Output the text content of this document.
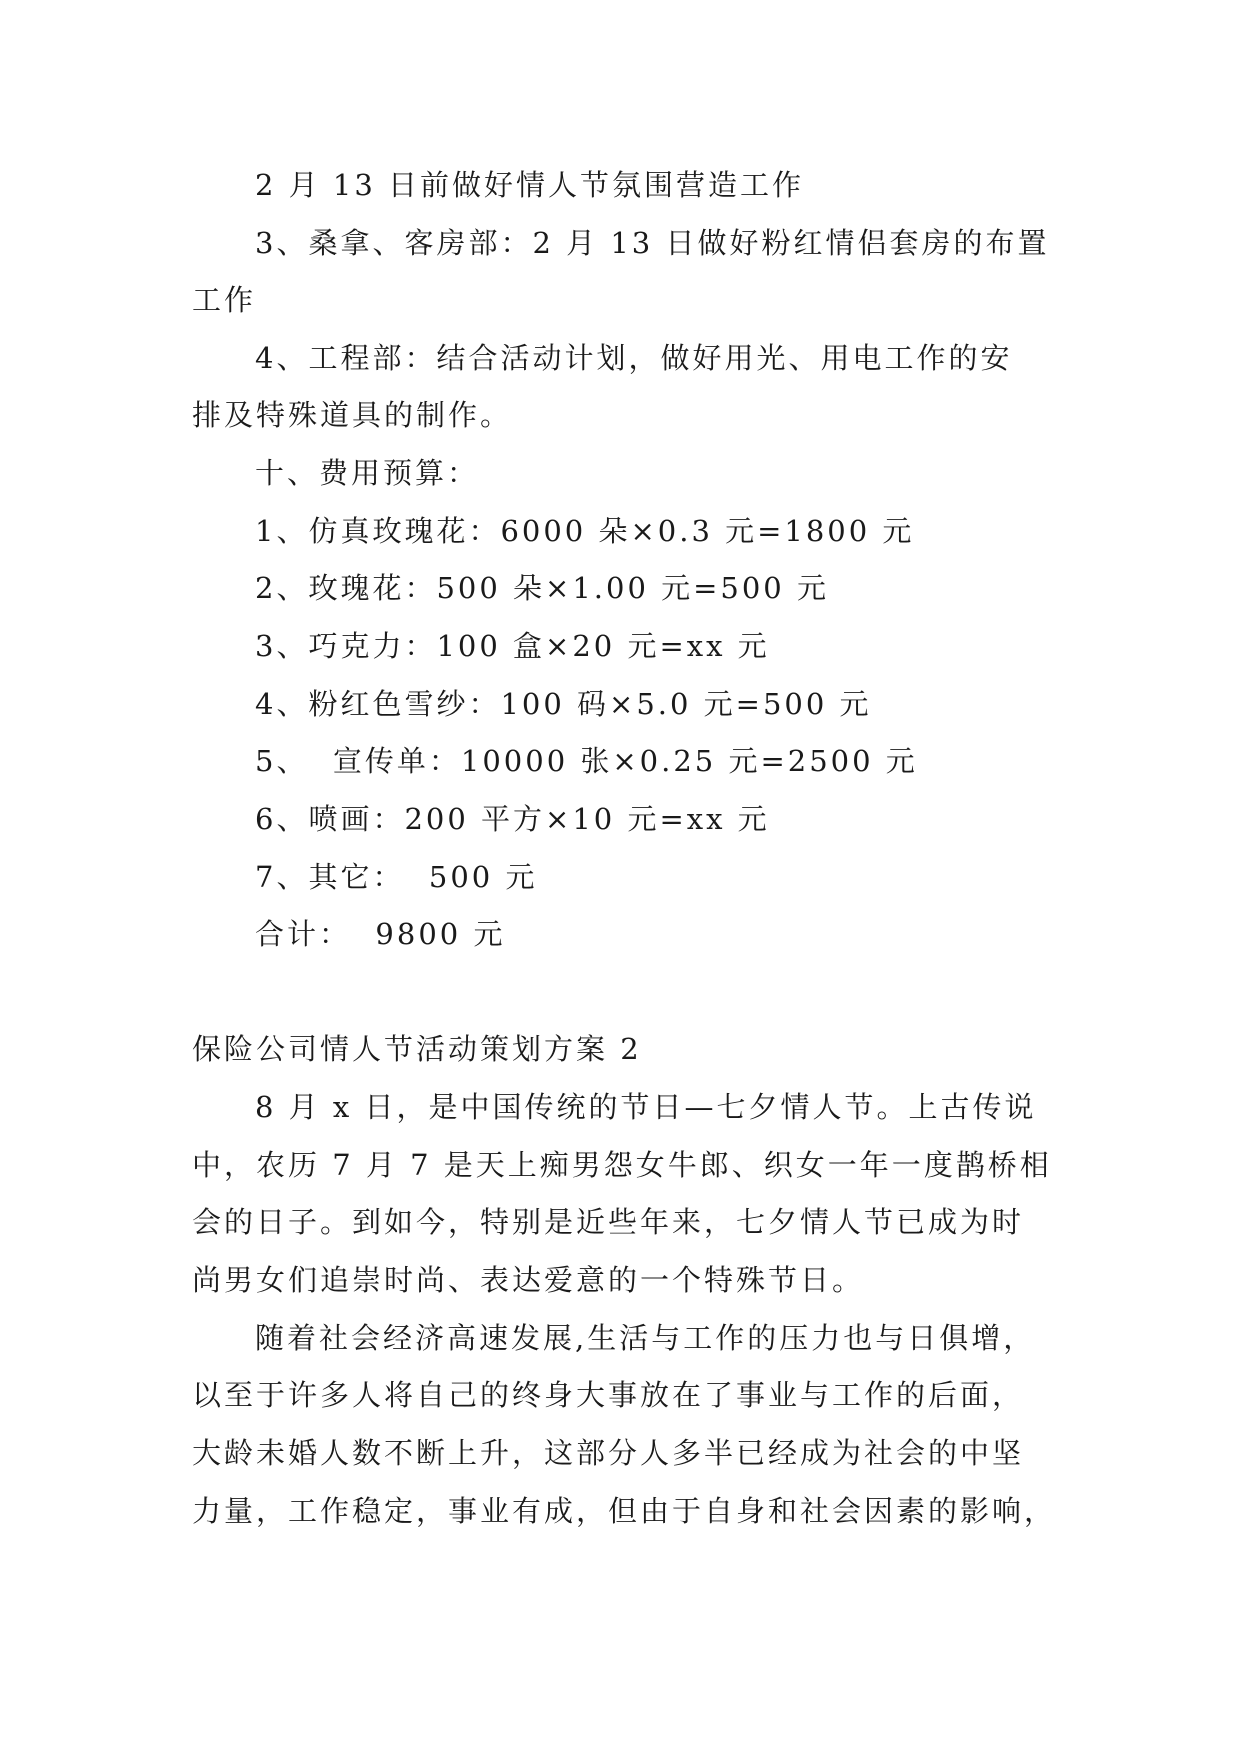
2 月 13 日前做好情人节氛围营造工作
3、桑拿、客房部：2 月 13 日做好粉红情侣套房的布置
工作
4、工程部：结合活动计划，做好用光、用电工作的安
排及特殊道具的制作。
十、费用预算：
1、仿真玫瑰花：6000 朵×0.3 元=1800 元
2、玫瑰花：500 朵×1.00 元=500 元
3、巧克力：100 盒×20 元=xx 元
4、粉红色雪纱：100 码×5.0 元=500 元
5、  宣传单：10000 张×0.25 元=2500 元
6、喷画：200 平方×10 元=xx 元
7、其它：  500 元
合计：  9800 元
保险公司情人节活动策划方案 2
8 月 x 日，是中国传统的节日—七夕情人节。上古传说
中，农历 7 月 7 是天上痴男怨女牛郎、织女一年一度鹊桥相
会的日子。到如今，特别是近些年来，七夕情人节已成为时
尚男女们追崇时尚、表达爱意的一个特殊节日。
随着社会经济高速发展,生活与工作的压力也与日俱增，
以至于许多人将自己的终身大事放在了事业与工作的后面，
大龄未婚人数不断上升，这部分人多半已经成为社会的中坚
力量，工作稳定，事业有成，但由于自身和社会因素的影响，
